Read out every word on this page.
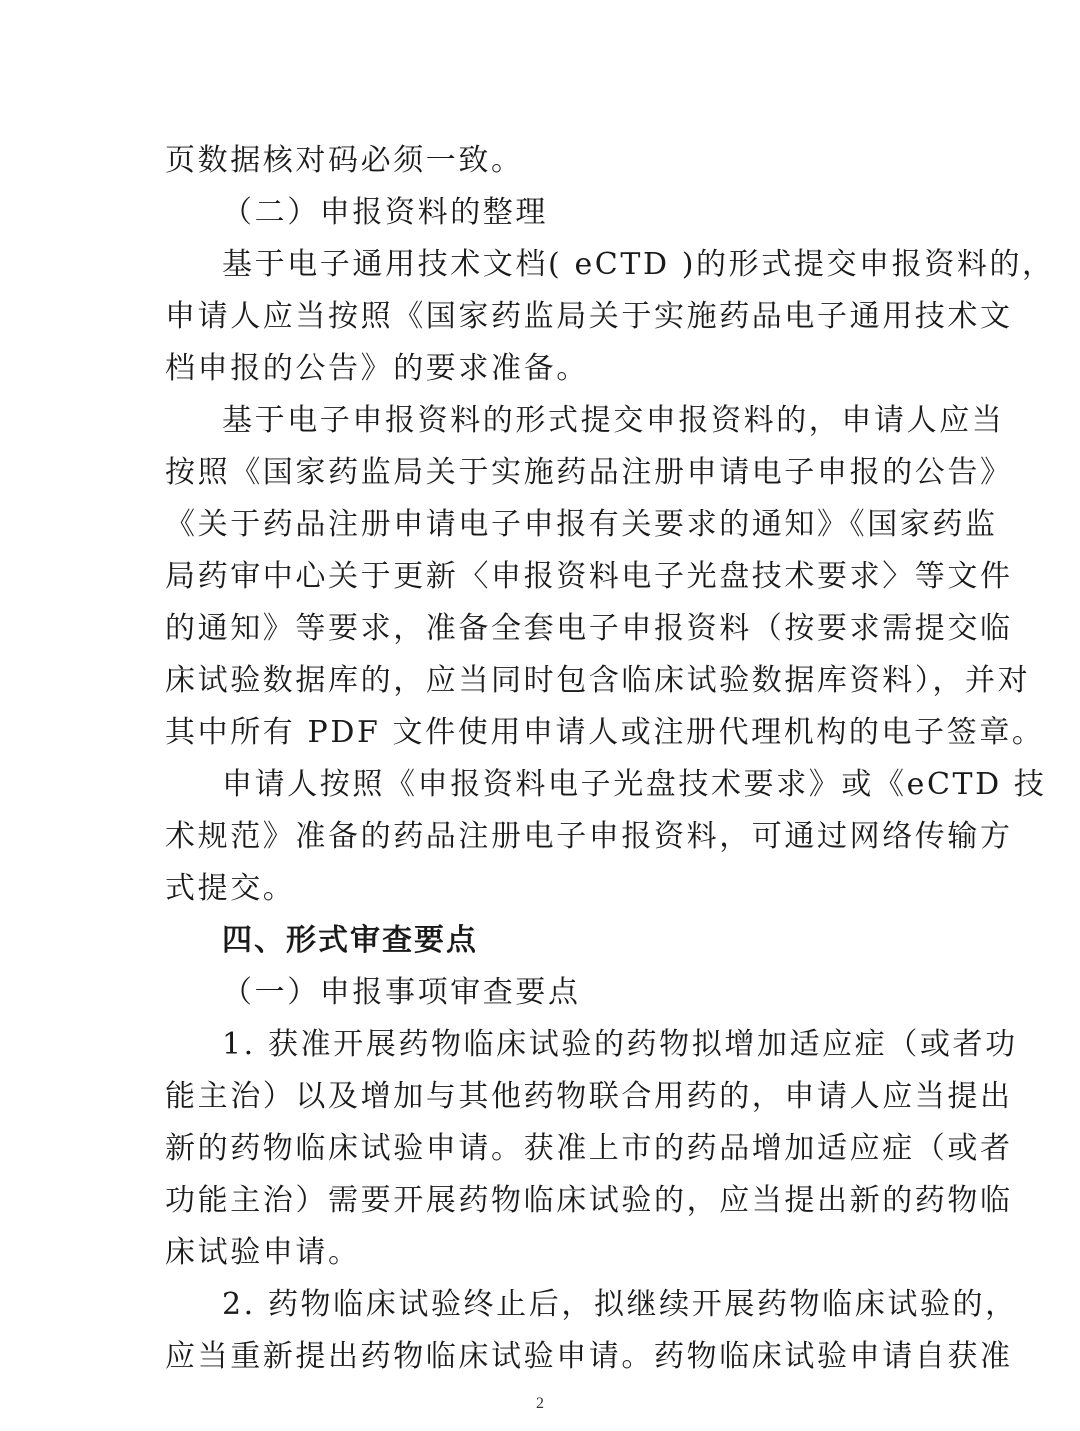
页数据核对码必须一致。
（二）申报资料的整理
基于电子通用技术文档( eCTD )的形式提交申报资料的，
申请人应当按照《国家药监局关于实施药品电子通用技术文
档申报的公告》的要求准备。
基于电子申报资料的形式提交申报资料的，申请人应当
按照《国家药监局关于实施药品注册申请电子申报的公告》
《关于药品注册申请电子申报有关要求的通知》《国家药监
局药审中心关于更新〈申报资料电子光盘技术要求〉等文件
的通知》等要求，准备全套电子申报资料（按要求需提交临
床试验数据库的，应当同时包含临床试验数据库资料），并对
其中所有 PDF 文件使用申请人或注册代理机构的电子签章。
申请人按照《申报资料电子光盘技术要求》或《eCTD 技
术规范》准备的药品注册电子申报资料，可通过网络传输方
式提交。
四、形式审查要点
（一）申报事项审查要点
1. 获准开展药物临床试验的药物拟增加适应症（或者功
能主治）以及增加与其他药物联合用药的，申请人应当提出
新的药物临床试验申请。获准上市的药品增加适应症（或者
功能主治）需要开展药物临床试验的，应当提出新的药物临
床试验申请。
2. 药物临床试验终止后，拟继续开展药物临床试验的，
应当重新提出药物临床试验申请。药物临床试验申请自获准
2
